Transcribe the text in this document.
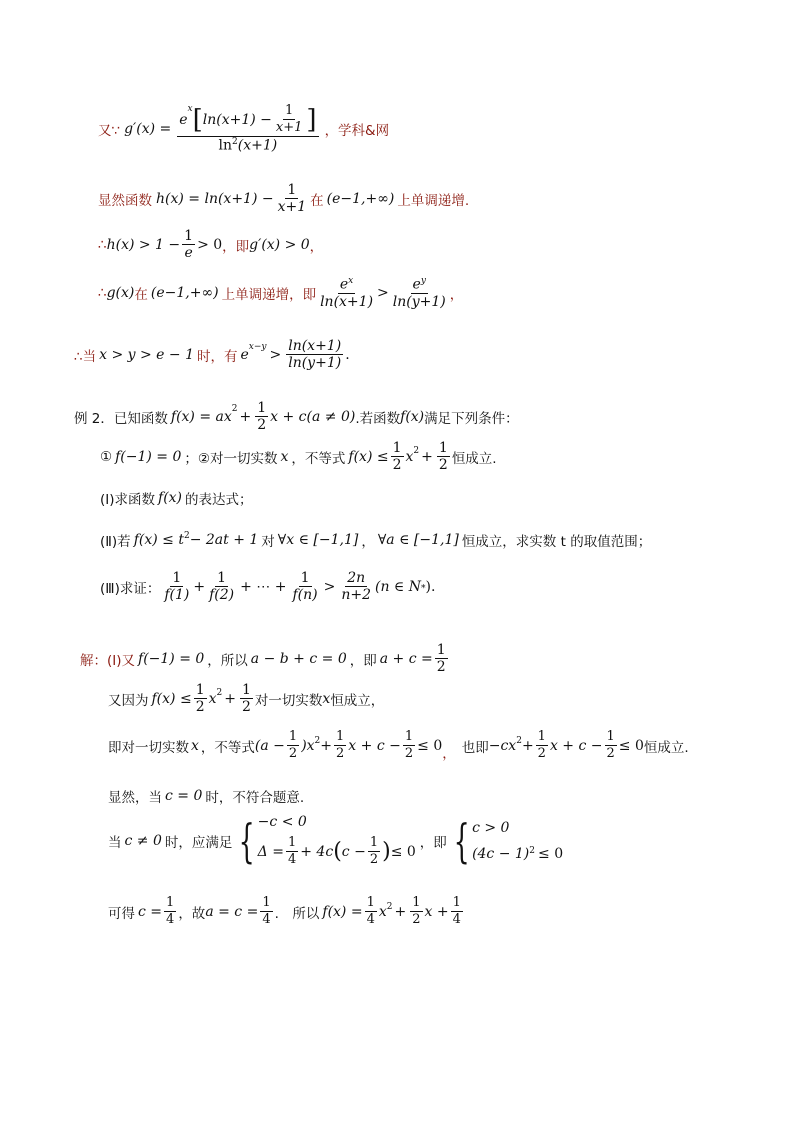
又∵ g′(x) = e
$^x$ [ $\ln(x+1) - \frac{1}{x+1}$ ]
$\ln^2(x+1)$ ，学科&网
显然函数 $h(x) = \ln(x+1) - \frac{1}{x+1}$ 在 (e−1,+∞) 上单调递增.
∴ $h(x) > 1 - \frac{1}{e} > 0$ ，即 g′(x) > 0 ，
∴ g(x) 在 (e−1,+∞) 上单调递增，即 $\frac{e^x}{\ln(x+1)} > \frac{e^y}{\ln(y+1)}$ ，
∴当 x > y > e − 1 时，有 $e^{x-y} > \frac{\ln(x+1)}{\ln(y+1)}$ .
例 2．已知函数 $f(x) = ax^2 + \frac{1}{2}$ x + c(a ≠ 0) .若函数 f(x) 满足下列条件：
① f(−1) = 0 ；②对一切实数 x ，不等式 $f(x) \le \frac{1}{2} x^2 + \frac{1}{2}$ 恒成立.
(Ⅰ)求函数 f(x) 的表达式；
(Ⅱ)若 $f(x) \le t^2 - 2at + 1$ 对 ∀x ∈ [−1,1] ， ∀a ∈ [−1,1] 恒成立，求实数 t 的取值范围；
(Ⅲ)求证： $\frac{1}{f(1)} + \frac{1}{f(2)}$ + ⋯ + $\frac{1}{f(n)} > \frac{2n}{n+2} (n$ ∈ N * ) .
解：(Ⅰ)又 f(−1) = 0 ，所以 a − b + c = 0 ，即 $a + c = \frac{1}{2}$
又因为 $f(x) \le \frac{1}{2} x^2 + \frac{1}{2}$ 对一切实数 x 恒成立，
即对一切实数 x ，不等式 $(a - \frac{1}{2} )x^2 + \frac{1}{2}$ $x + c - \frac{1}{2} \le 0$ ， 也即 $-cx^2 + \frac{1}{2}$ $x + c - \frac{1}{2} \le 0$ 恒成立.
显然，当 c = 0 时，不符合题意.
当 c ≠ 0 时，应满足 { −c < 0
$\Delta = \frac{1}{4} + 4c$ ( $c - \frac{1}{2}$ ) ≤ 0
，即 { c > 0
$(4c - 1)^2 \le 0$
可得 $c = \frac{1}{4}$ ，故 $a = c = \frac{1}{4}$ .　所以 $f(x) = \frac{1}{4} x^2 + \frac{1}{2}$ $x + \frac{1}{4}$
